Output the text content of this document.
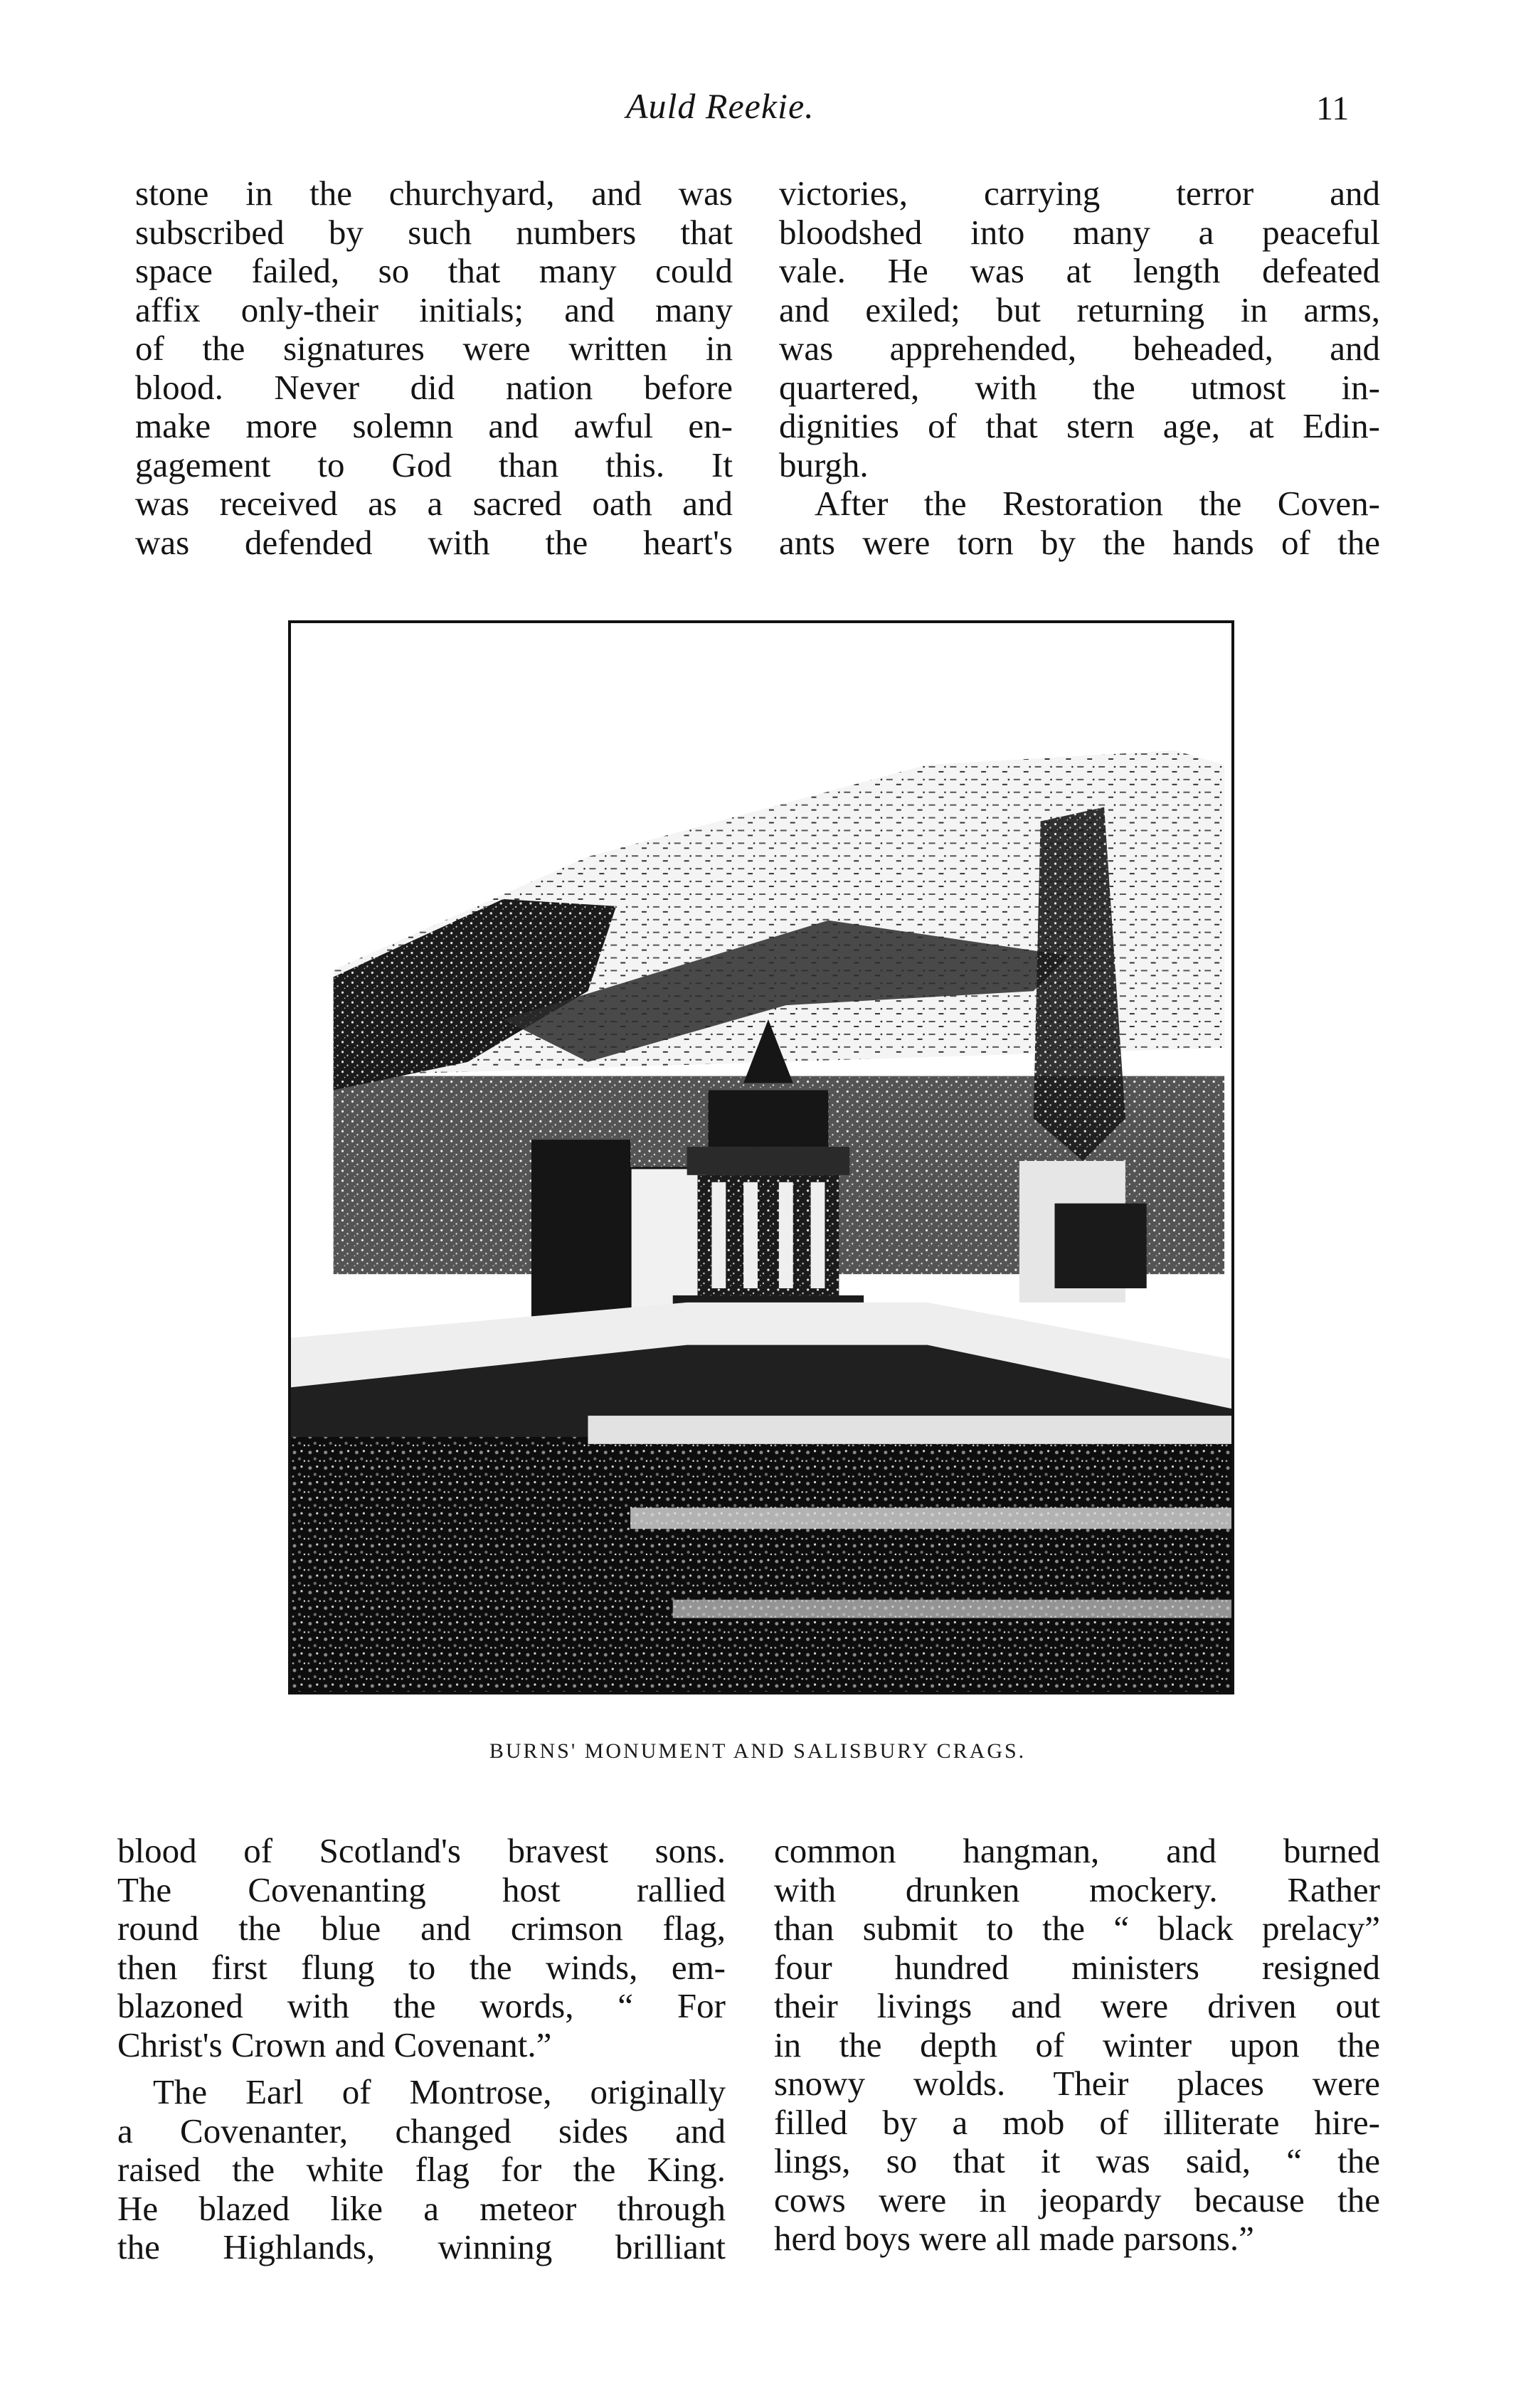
Auld Reekie.	11
stone in the churchyard, and was
subscribed by such numbers that
space failed, so that many could
affix only-their initials; and many
of the signatures were written in
blood. Never did nation before
make more solemn and awful en-
gagement to God than this. It
was received as a sacred oath and
was defended with the heart's
victories, carrying terror and
bloodshed into many a peaceful
vale. He was at length defeated
and exiled; but returning in arms,
was apprehended, beheaded, and
quartered, with the utmost in-
dignities of that stern age, at Edin-
burgh.
After the Restoration the Coven-
ants were torn by the hands of the
BURNS' MONUMENT AND SALISBURY CRAGS.
blood of Scotland's bravest sons.
The Covenanting host rallied
round the blue and crimson flag,
then first flung to the winds, em-
blazoned with the words, “ For
Christ's Crown and Covenant.”
The Earl of Montrose, originally
a Covenanter, changed sides and
raised the white flag for the King.
He blazed like a meteor through
the Highlands, winning brilliant
common hangman, and burned
with drunken mockery. Rather
than submit to the “ black prelacy”
four hundred ministers resigned
their livings and were driven out
in the depth of winter upon the
snowy wolds. Their places were
filled by a mob of illiterate hire-
lings, so that it was said, “ the
cows were in jeopardy because the
herd boys were all made parsons.”
